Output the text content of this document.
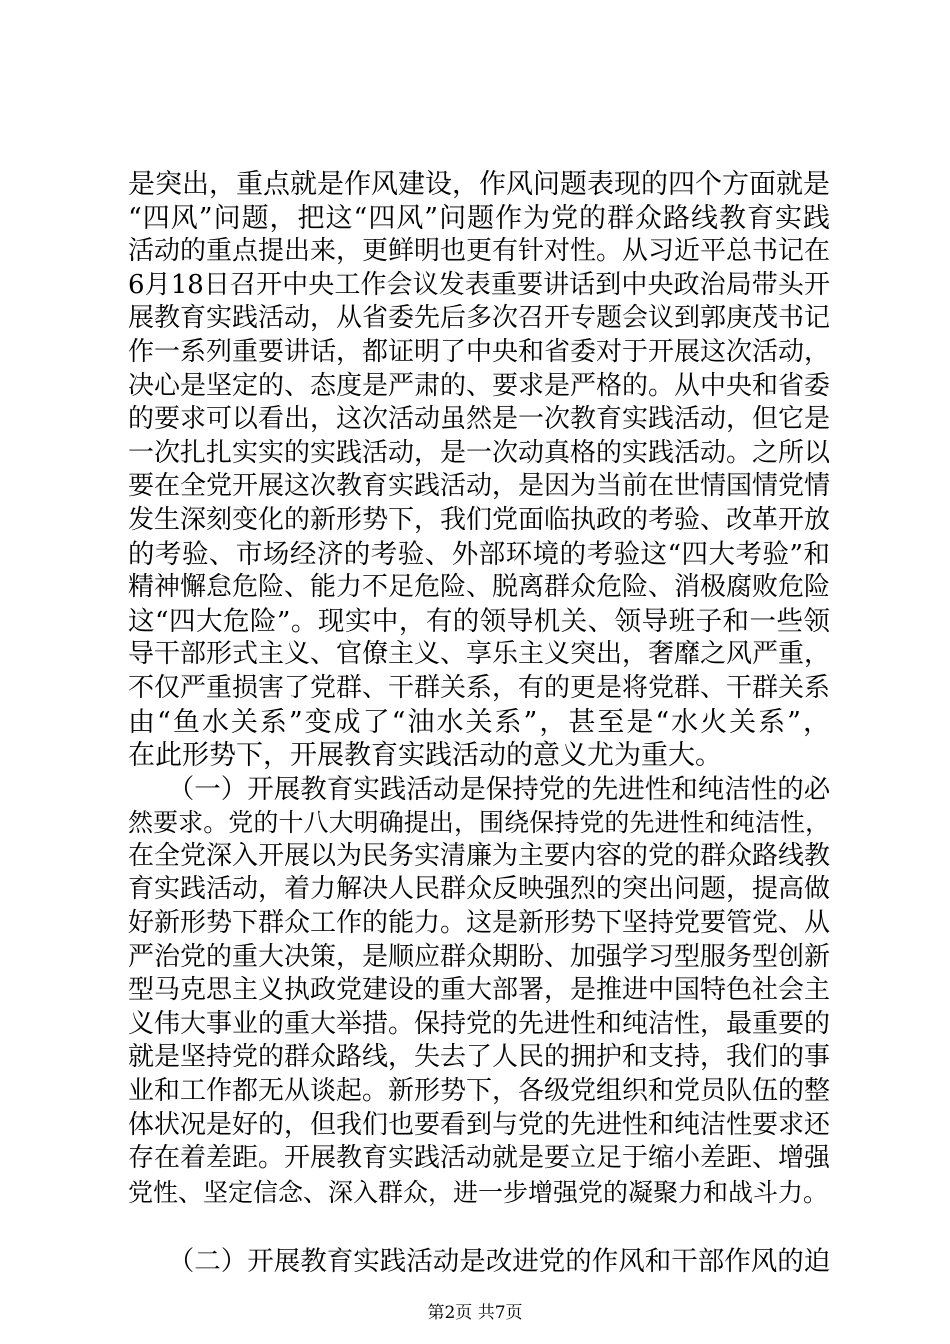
是突出，重点就是作风建设，作风问题表现的四个方面就是
“四风”问题，把这“四风”问题作为党的群众路线教育实践
活动的重点提出来，更鲜明也更有针对性。从习近平总书记在
6月18日召开中央工作会议发表重要讲话到中央政治局带头开
展教育实践活动，从省委先后多次召开专题会议到郭庚茂书记
作一系列重要讲话，都证明了中央和省委对于开展这次活动，
决心是坚定的、态度是严肃的、要求是严格的。从中央和省委
的要求可以看出，这次活动虽然是一次教育实践活动，但它是
一次扎扎实实的实践活动，是一次动真格的实践活动。之所以
要在全党开展这次教育实践活动，是因为当前在世情国情党情
发生深刻变化的新形势下，我们党面临执政的考验、改革开放
的考验、市场经济的考验、外部环境的考验这“四大考验”和
精神懈怠危险、能力不足危险、脱离群众危险、消极腐败危险
这“四大危险”。现实中，有的领导机关、领导班子和一些领
导干部形式主义、官僚主义、享乐主义突出，奢靡之风严重，
不仅严重损害了党群、干群关系，有的更是将党群、干群关系
由“鱼水关系”变成了“油水关系”，甚至是“水火关系”，
在此形势下，开展教育实践活动的意义尤为重大。
　　（一）开展教育实践活动是保持党的先进性和纯洁性的必
然要求。党的十八大明确提出，围绕保持党的先进性和纯洁性，
在全党深入开展以为民务实清廉为主要内容的党的群众路线教
育实践活动，着力解决人民群众反映强烈的突出问题，提高做
好新形势下群众工作的能力。这是新形势下坚持党要管党、从
严治党的重大决策，是顺应群众期盼、加强学习型服务型创新
型马克思主义执政党建设的重大部署，是推进中国特色社会主
义伟大事业的重大举措。保持党的先进性和纯洁性，最重要的
就是坚持党的群众路线，失去了人民的拥护和支持，我们的事
业和工作都无从谈起。新形势下，各级党组织和党员队伍的整
体状况是好的，但我们也要看到与党的先进性和纯洁性要求还
存在着差距。开展教育实践活动就是要立足于缩小差距、增强
党性、坚定信念、深入群众，进一步增强党的凝聚力和战斗力。
　　（二）开展教育实践活动是改进党的作风和干部作风的迫
第2页 共7页
